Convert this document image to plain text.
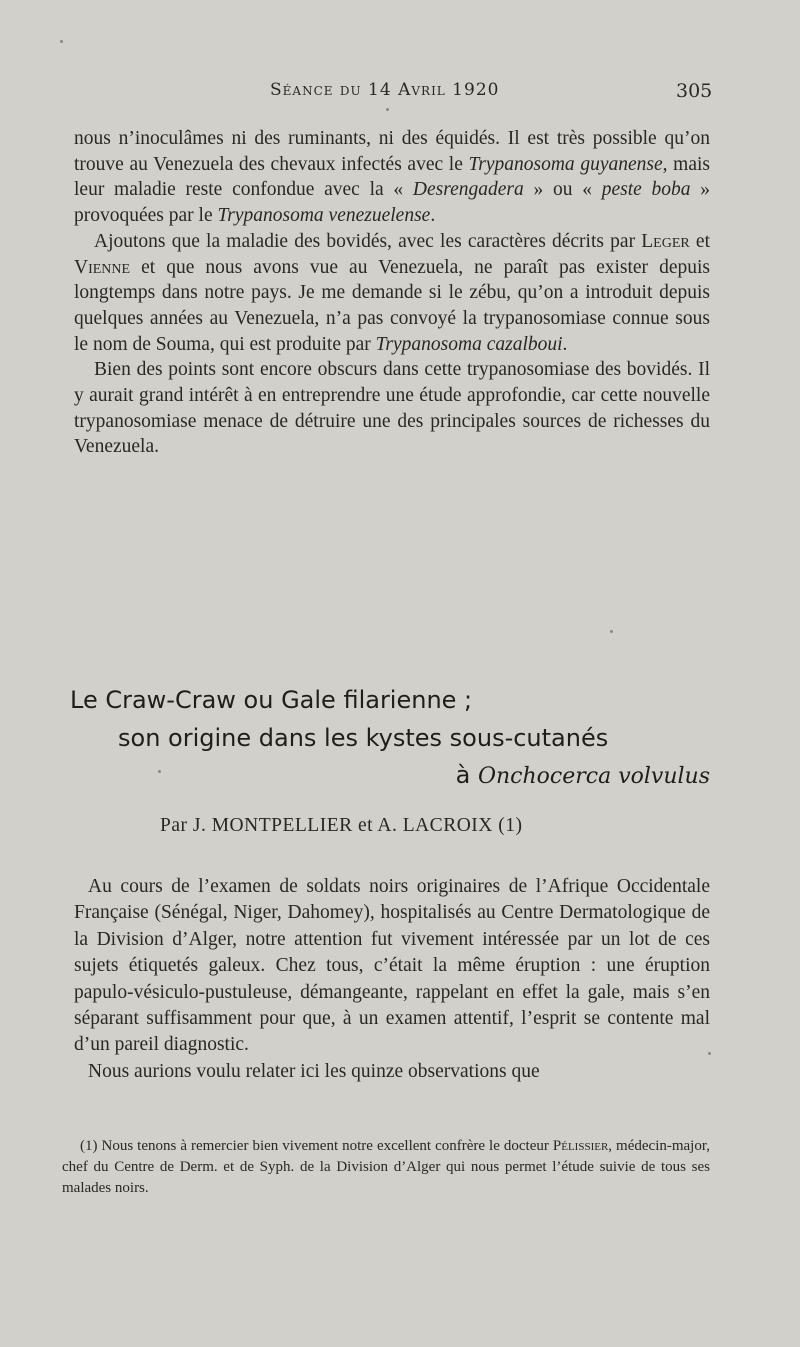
Séance du 14 Avril 1920	305

nous n’inoculâmes ni des ruminants, ni des équidés. Il est très possible qu’on trouve au Venezuela des chevaux infectés avec le Trypanosoma guyanense, mais leur maladie reste confondue avec la « Desrengadera » ou « peste boba » provoquées par le Trypanosoma venezuelense.

Ajoutons que la maladie des bovidés, avec les caractères décrits par Leger et Vienne et que nous avons vue au Venezuela, ne paraît pas exister depuis longtemps dans notre pays. Je me demande si le zébu, qu’on a introduit depuis quelques années au Venezuela, n’a pas convoyé la trypanosomiase connue sous le nom de Souma, qui est produite par Trypanosoma cazalboui.

Bien des points sont encore obscurs dans cette trypanosomiase des bovidés. Il y aurait grand intérêt à en entreprendre une étude approfondie, car cette nouvelle trypanosomiase menace de détruire une des principales sources de richesses du Venezuela.

Le Craw-Craw ou Gale filarienne ;
son origine dans les kystes sous-cutanés
à Onchocerca volvulus
Par J. MONTPELLIER et A. LACROIX (1)

Au cours de l’examen de soldats noirs originaires de l’Afrique Occidentale Française (Sénégal, Niger, Dahomey), hospitalisés au Centre Dermatologique de la Division d’Alger, notre attention fut vivement intéressée par un lot de ces sujets étiquetés galeux. Chez tous, c’était la même éruption : une éruption papulo-vésiculo-pustuleuse, démangeante, rappelant en effet la gale, mais s’en séparant suffisamment pour que, à un examen attentif, l’esprit se contente mal d’un pareil diagnostic.

Nous aurions voulu relater ici les quinze observations que

(1) Nous tenons à remercier bien vivement notre excellent confrère le docteur Pélissier, médecin-major, chef du Centre de Derm. et de Syph. de la Division d’Alger qui nous permet l’étude suivie de tous ses malades noirs.
